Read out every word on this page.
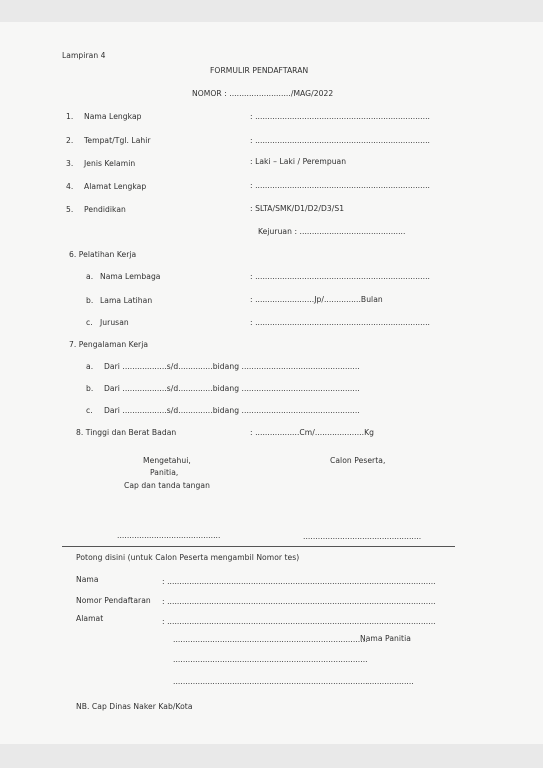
Lampiran 4
FORMULIR PENDAFTARAN
NOMOR : ........................./MAG/2022
1. Nama Lengkap	: .......................................................................
2. Tempat/Tgl. Lahir	: .......................................................................
3. Jenis Kelamin	: Laki – Laki / Perempuan
4. Alamat Lengkap	: .......................................................................
5. Pendidikan	: SLTA/SMK/D1/D2/D3/S1
Kejuruan : ...........................................
6. Pelatihan Kerja
a. Nama Lembaga	: .......................................................................
b. Lama Latihan	: ........................Jp/...............Bulan
c. Jurusan	: .......................................................................
7. Pengalaman Kerja
a. Dari ..................s/d..............bidang ................................................
b. Dari ..................s/d..............bidang ................................................
c. Dari ..................s/d..............bidang ................................................
8. Tinggi dan Berat Badan	: ..................Cm/....................Kg
Mengetahui,
Panitia,
Cap dan tanda tangan
Calon Peserta,
..........................................	................................................
Potong disini (untuk Calon Peserta mengambil Nomor tes)
Nama	: .............................................................................................................
Nomor Pendaftaran : .............................................................................................................
Alamat	: .............................................................................................................
...............................................................................
Nama Panitia
...............................................................................
............................................................................... ...................
NB. Cap Dinas Naker Kab/Kota
